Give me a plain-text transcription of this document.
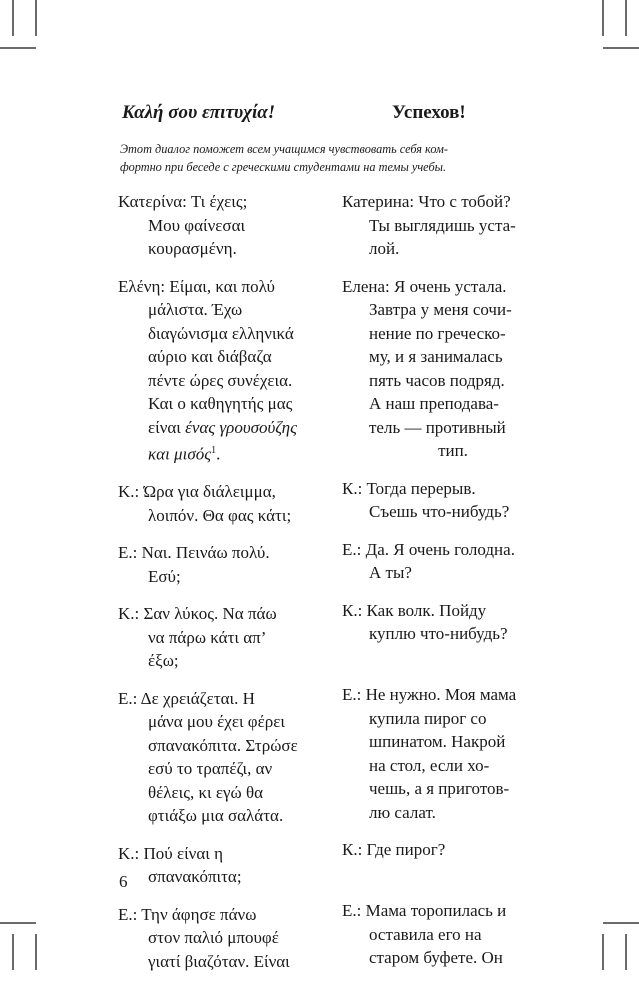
Καλή σου επιτυχία!	Успехов!
Этот диалог поможет всем учащимся чувствовать себя ком-
фортно при беседе с греческими студентами на темы учебы.
Κατερίνα: Τι έχεις;
Μου φαίνεσαι
κουρασμένη.
Ελένη: Είμαι, και πολύ
μάλιστα. Έχω
διαγώνισμα ελληνικά
αύριο και διάβαζα
πέντε ώρες συνέχεια.
Και ο καθηγητής μας
είναι ένας γρουσούζης
και μισός$^1$.
Κ.: Ώρα για διάλειμμα,
λοιπόν. Θα φας κάτι;
Ε.: Ναι. Πεινάω πολύ.
Εσύ;
Κ.: Σαν λύκος. Να πάω
να πάρω κάτι απ’
έξω;
Ε.: Δε χρειάζεται. Η
μάνα μου έχει φέρει
σπανακόπιτα. Στρώσε
εσύ το τραπέζι, αν
θέλεις, κι εγώ θα
φτιάξω μια σαλάτα.
Κ.: Πού είναι η
σπανακόπιτα;
Ε.: Την άφησε πάνω
στον παλιό μπουφέ
γιατί βιαζόταν. Είναι
Катерина: Что с тобой?
Ты выглядишь уста-
лой.
Елена: Я очень устала.
Завтра у меня сочи-
нение по греческо-
му, и я занималась
пять часов подряд.
А наш преподава-
тель — противный
тип.
К.: Тогда перерыв.
Съешь что-нибудь?
Е.: Да. Я очень голодна.
А ты?
К.: Как волк. Пойду
куплю что-нибудь?
Е.: Не нужно. Моя мама
купила пирог со
шпинатом. Накрой
на стол, если хо-
чешь, а я приготов-
лю салат.
К.: Где пирог?
Е.: Мама торопилась и
оставила его на
старом буфете. Он
6
